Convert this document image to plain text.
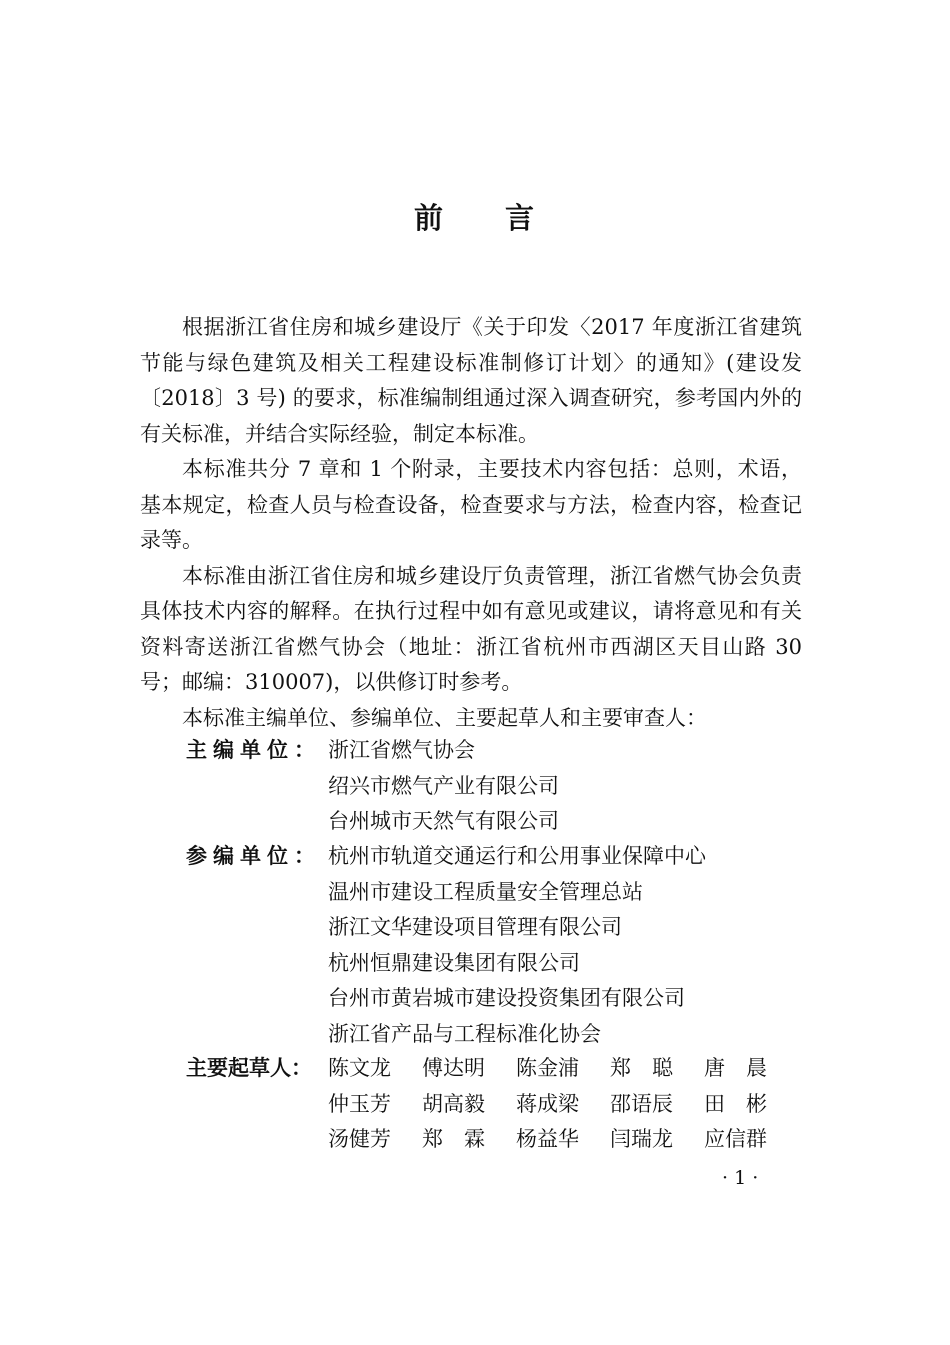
前 言

根据浙江省住房和城乡建设厅《关于印发〈2017 年度浙江省建筑节能与绿色建筑及相关工程建设标准制修订计划〉的通知》(建设发〔2018〕3 号) 的要求，标准编制组通过深入调查研究，参考国内外的有关标准，并结合实际经验，制定本标准。

本标准共分 7 章和 1 个附录，主要技术内容包括：总则，术语，基本规定，检查人员与检查设备，检查要求与方法，检查内容，检查记录等。

本标准由浙江省住房和城乡建设厅负责管理，浙江省燃气协会负责具体技术内容的解释。在执行过程中如有意见或建议，请将意见和有关资料寄送浙江省燃气协会（地址：浙江省杭州市西湖区天目山路 30 号；邮编：310007)，以供修订时参考。

本标准主编单位、参编单位、主要起草人和主要审查人：

主编单位： 浙江省燃气协会
绍兴市燃气产业有限公司
台州城市天然气有限公司
参编单位： 杭州市轨道交通运行和公用事业保障中心
温州市建设工程质量安全管理总站
浙江文华建设项目管理有限公司
杭州恒鼎建设集团有限公司
台州市黄岩城市建设投资集团有限公司
浙江省产品与工程标准化协会
主要起草人： 陈文龙	傅达明	陈金浦	郑　聪	唐　晨
仲玉芳	胡高毅	蒋成梁	邵语辰	田　彬
汤健芳	郑　霖	杨益华	闫瑞龙	应信群
· 1 ·
